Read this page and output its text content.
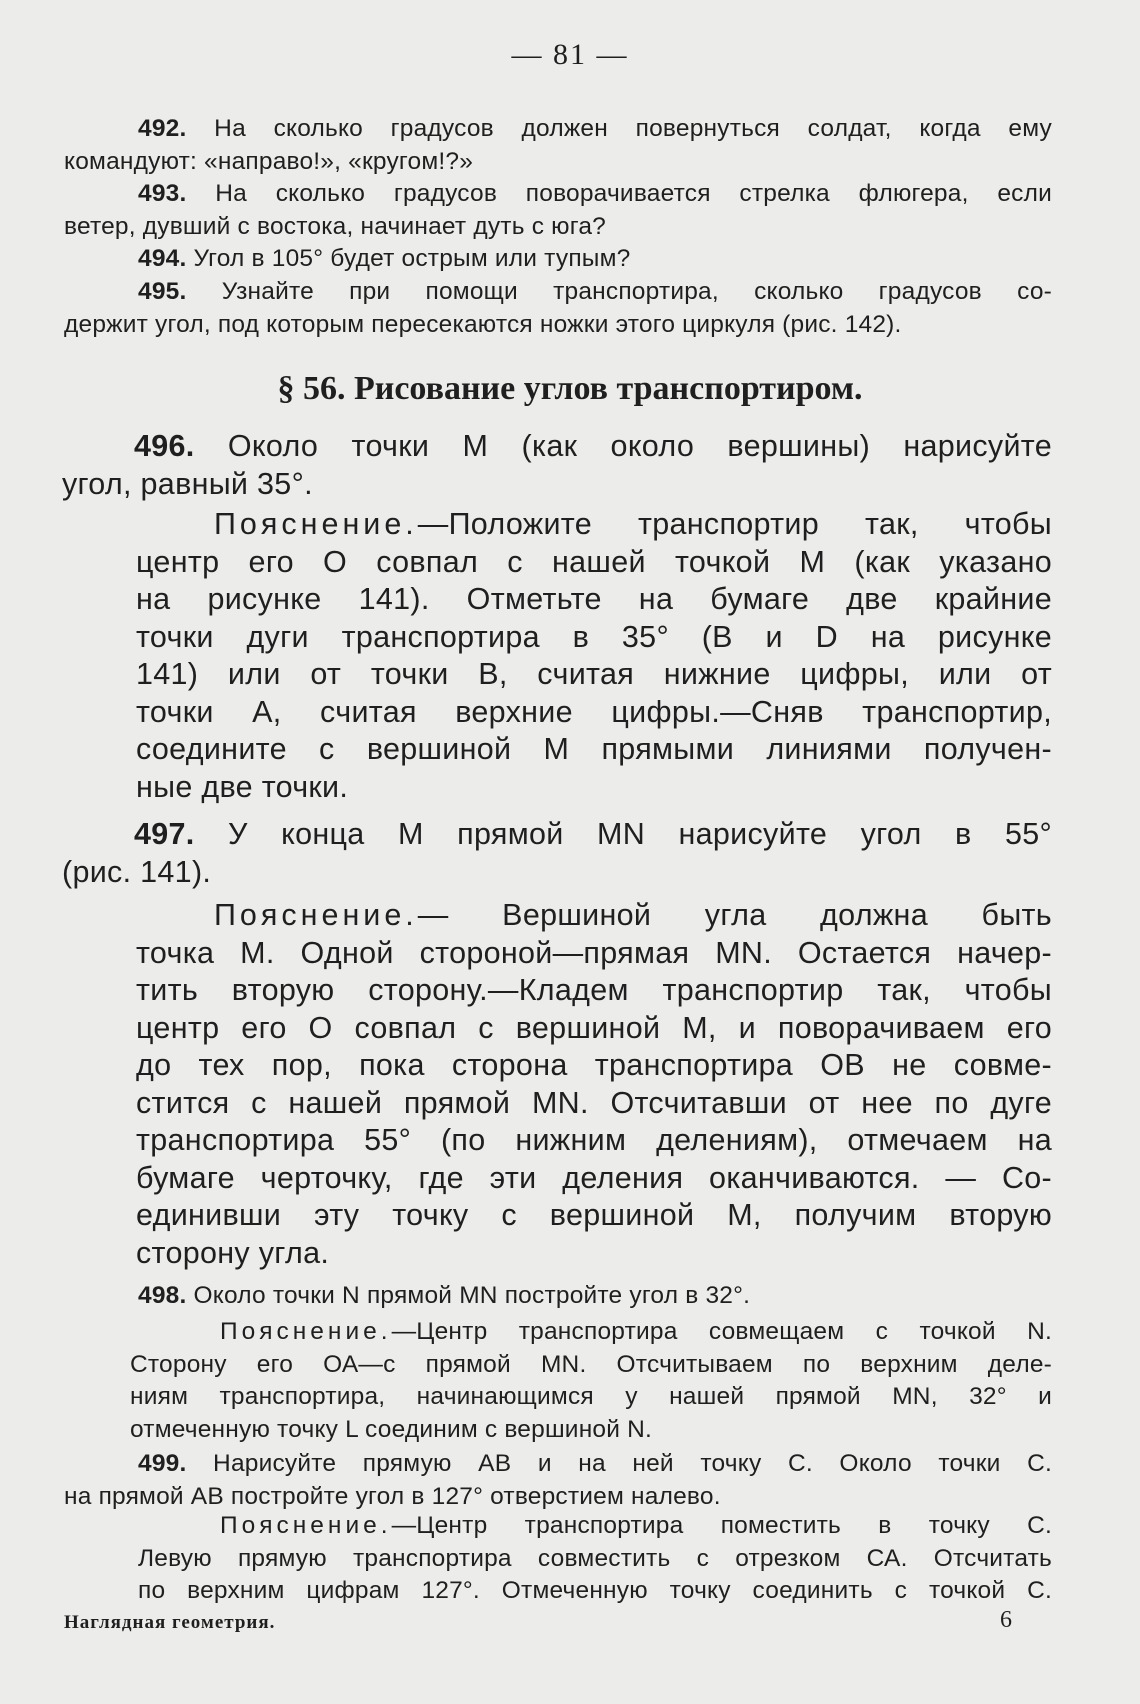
— 81 —
492. На сколько градусов должен повернуться солдат, когда ему
командуют: «направо!», «кругом!?»
493. На сколько градусов поворачивается стрелка флюгера, если
ветер, дувший с востока, начинает дуть с юга?
494. Угол в 105° будет острым или тупым?
495. Узнайте при помощи транспортира, сколько градусов со-
держит угол, под которым пересекаются ножки этого циркуля (рис. 142).
§ 56. Рисование углов транспортиром.
496. Около точки М (как около вершины) нарисуйте
угол, равный 35°.
Пояснение.—Положите транспортир так, чтобы
центр его О совпал с нашей точкой М (как указано
на рисунке 141). Отметьте на бумаге две крайние
точки дуги транспортира в 35° (В и D на рисунке
141) или от точки В, считая нижние цифры, или от
точки А, считая верхние цифры.—Сняв транспортир,
соедините с вершиной М прямыми линиями получен-
ные две точки.
497. У конца М прямой МN нарисуйте угол в 55°
(рис. 141).
Пояснение.— Вершиной угла должна быть
точка М. Одной стороной—прямая МN. Остается начер-
тить вторую сторону.—Кладем транспортир так, чтобы
центр его О совпал с вершиной М, и поворачиваем его
до тех пор, пока сторона транспортира ОВ не совме-
стится с нашей прямой МN. Отсчитавши от нее по дуге
транспортира 55° (по нижним делениям), отмечаем на
бумаге черточку, где эти деления оканчиваются. — Со-
единивши эту точку с вершиной М, получим вторую
сторону угла.
498. Около точки N прямой МN постройте угол в 32°.
Пояснение.—Центр транспортира совмещаем с точкой N.
Сторону его ОА—с прямой МN. Отсчитываем по верхним деле-
ниям транспортира, начинающимся у нашей прямой МN, 32° и
отмеченную точку L соединим с вершиной N.
499. Нарисуйте прямую АВ и на ней точку С. Около точки С.
на прямой АВ постройте угол в 127° отверстием налево.
Пояснение.—Центр транспортира поместить в точку С.
Левую прямую транспортира совместить с отрезком СА. Отсчитать
по верхним цифрам 127°. Отмеченную точку соединить с точкой С.
Наглядная геометрия.	6
